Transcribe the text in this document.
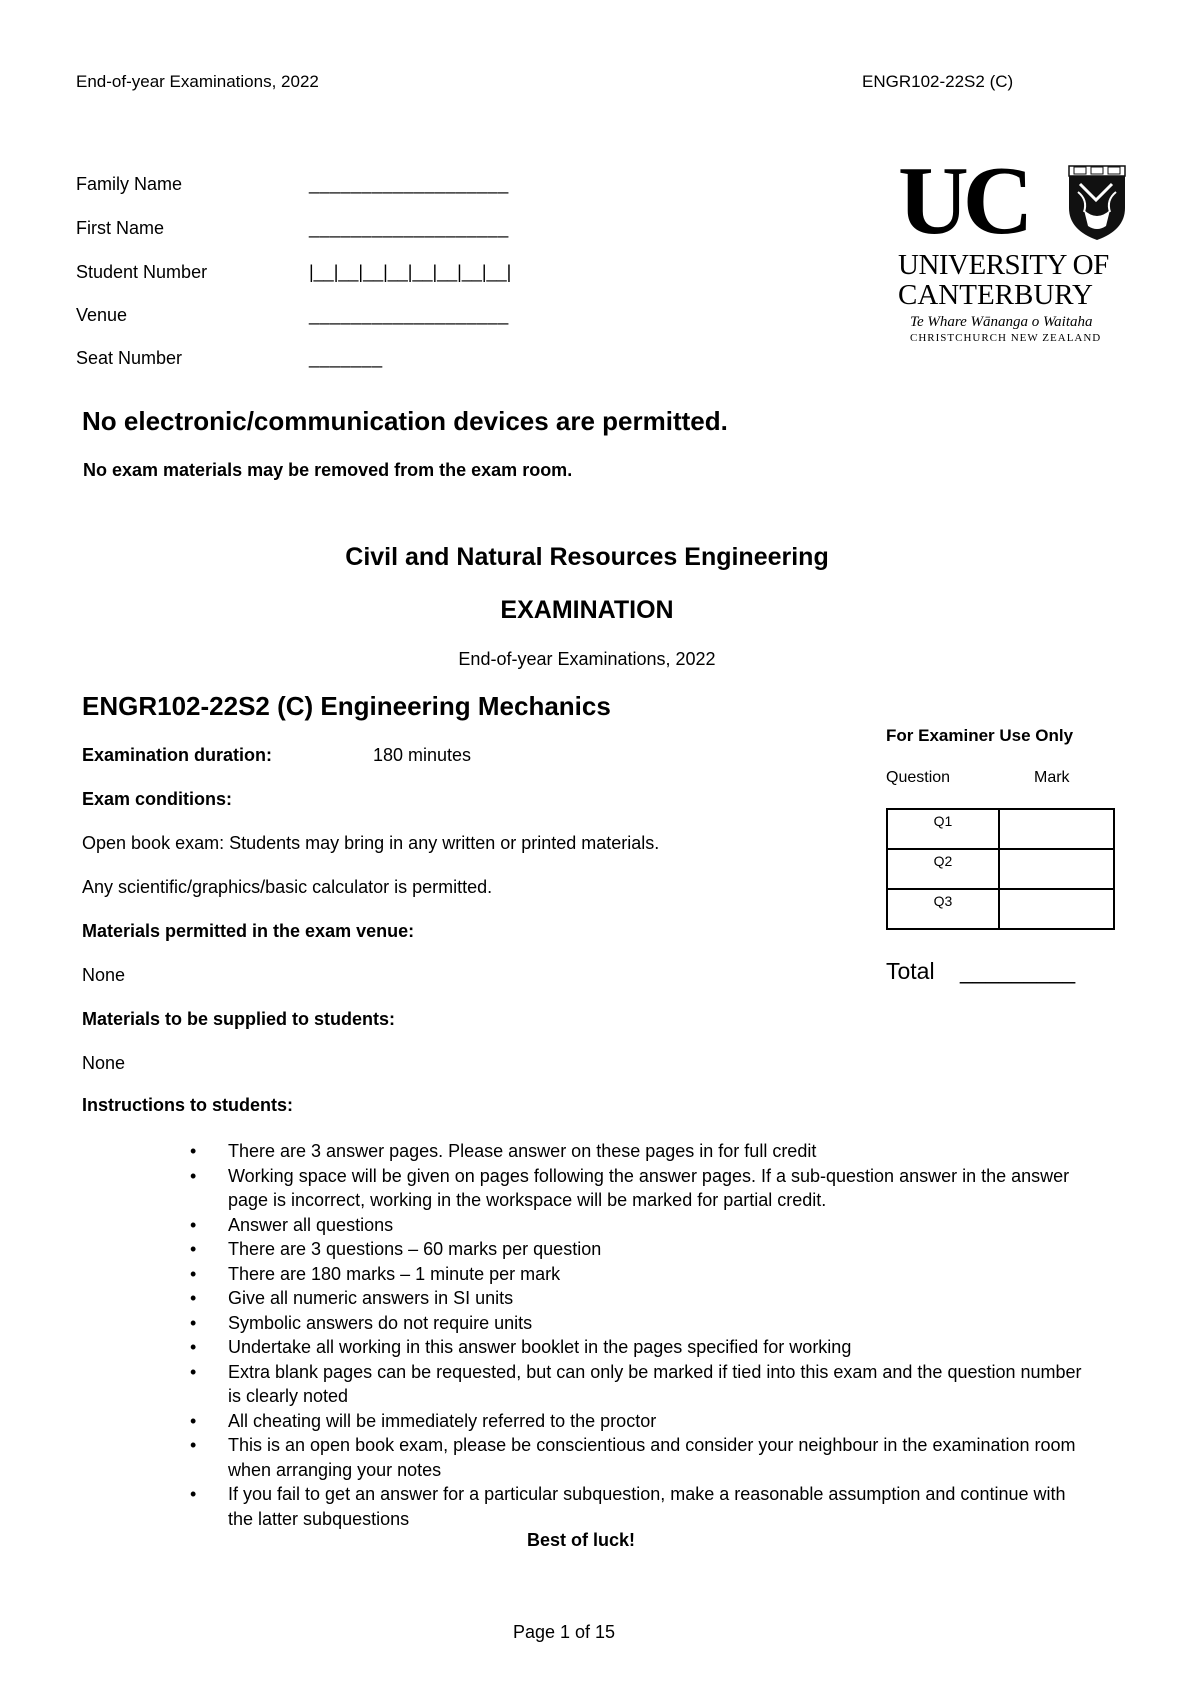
End-of-year Examinations, 2022	ENGR102-22S2 (C)
Family Name	___________________
First Name	___________________
Student Number	|__|__|__|__|__|__|__|__|
Venue	___________________
Seat Number	_______
UC
UNIVERSITY OF
CANTERBURY
Te Whare Wānanga o Waitaha
CHRISTCHURCH NEW ZEALAND
No electronic/communication devices are permitted.
No exam materials may be removed from the exam room.
Civil and Natural Resources Engineering
EXAMINATION
End-of-year Examinations, 2022
ENGR102-22S2 (C) Engineering Mechanics
Examination duration:	180 minutes
Exam conditions:
Open book exam: Students may bring in any written or printed materials.
Any scientific/graphics/basic calculator is permitted.
Materials permitted in the exam venue:
None
Materials to be supplied to students:
None
Instructions to students:
For Examiner Use Only
Question	Mark
Q1	
Q2	
Q3	
Total _________
• There are 3 answer pages. Please answer on these pages in for full credit
• Working space will be given on pages following the answer pages. If a sub-question answer in the answer page is incorrect, working in the workspace will be marked for partial credit.
• Answer all questions
• There are 3 questions – 60 marks per question
• There are 180 marks – 1 minute per mark
• Give all numeric answers in SI units
• Symbolic answers do not require units
• Undertake all working in this answer booklet in the pages specified for working
• Extra blank pages can be requested, but can only be marked if tied into this exam and the question number is clearly noted
• All cheating will be immediately referred to the proctor
• This is an open book exam, please be conscientious and consider your neighbour in the examination room when arranging your notes
• If you fail to get an answer for a particular subquestion, make a reasonable assumption and continue with the latter subquestions
Best of luck!
Page 1 of 15
